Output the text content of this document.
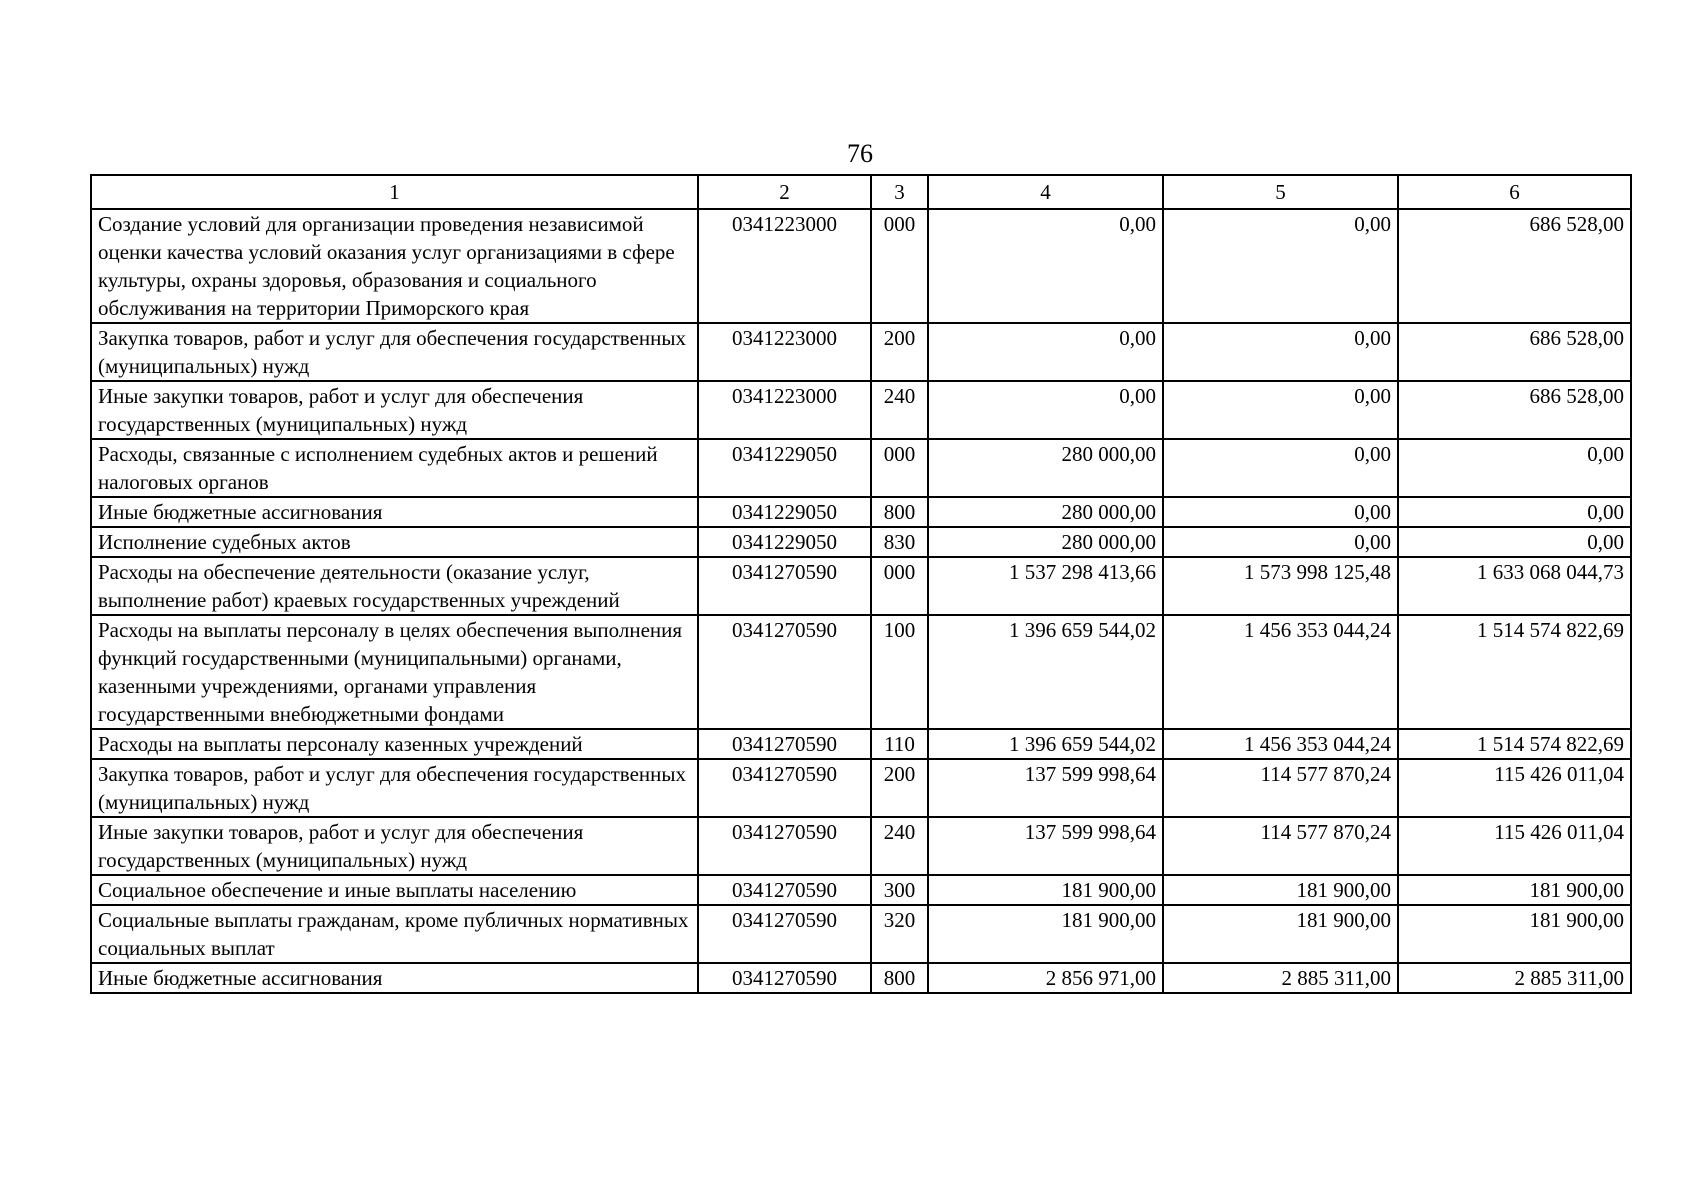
76
1	2	3	4	5	6
Создание условий для организации проведения независимой оценки качества условий оказания услуг организациями в сфере культуры, охраны здоровья, образования и социального обслуживания на территории Приморского края	0341223000	000	0,00	0,00	686 528,00
Закупка товаров, работ и услуг для обеспечения государственных (муниципальных) нужд	0341223000	200	0,00	0,00	686 528,00
Иные закупки товаров, работ и услуг для обеспечения государственных (муниципальных) нужд	0341223000	240	0,00	0,00	686 528,00
Расходы, связанные с исполнением судебных актов и решений налоговых органов	0341229050	000	280 000,00	0,00	0,00
Иные бюджетные ассигнования	0341229050	800	280 000,00	0,00	0,00
Исполнение судебных актов	0341229050	830	280 000,00	0,00	0,00
Расходы на обеспечение деятельности (оказание услуг, выполнение работ) краевых государственных учреждений	0341270590	000	1 537 298 413,66	1 573 998 125,48	1 633 068 044,73
Расходы на выплаты персоналу в целях обеспечения выполнения функций государственными (муниципальными) органами, казенными учреждениями, органами управления государственными внебюджетными фондами	0341270590	100	1 396 659 544,02	1 456 353 044,24	1 514 574 822,69
Расходы на выплаты персоналу казенных учреждений	0341270590	110	1 396 659 544,02	1 456 353 044,24	1 514 574 822,69
Закупка товаров, работ и услуг для обеспечения государственных (муниципальных) нужд	0341270590	200	137 599 998,64	114 577 870,24	115 426 011,04
Иные закупки товаров, работ и услуг для обеспечения государственных (муниципальных) нужд	0341270590	240	137 599 998,64	114 577 870,24	115 426 011,04
Социальное обеспечение и иные выплаты населению	0341270590	300	181 900,00	181 900,00	181 900,00
Социальные выплаты гражданам, кроме публичных нормативных социальных выплат	0341270590	320	181 900,00	181 900,00	181 900,00
Иные бюджетные ассигнования	0341270590	800	2 856 971,00	2 885 311,00	2 885 311,00
